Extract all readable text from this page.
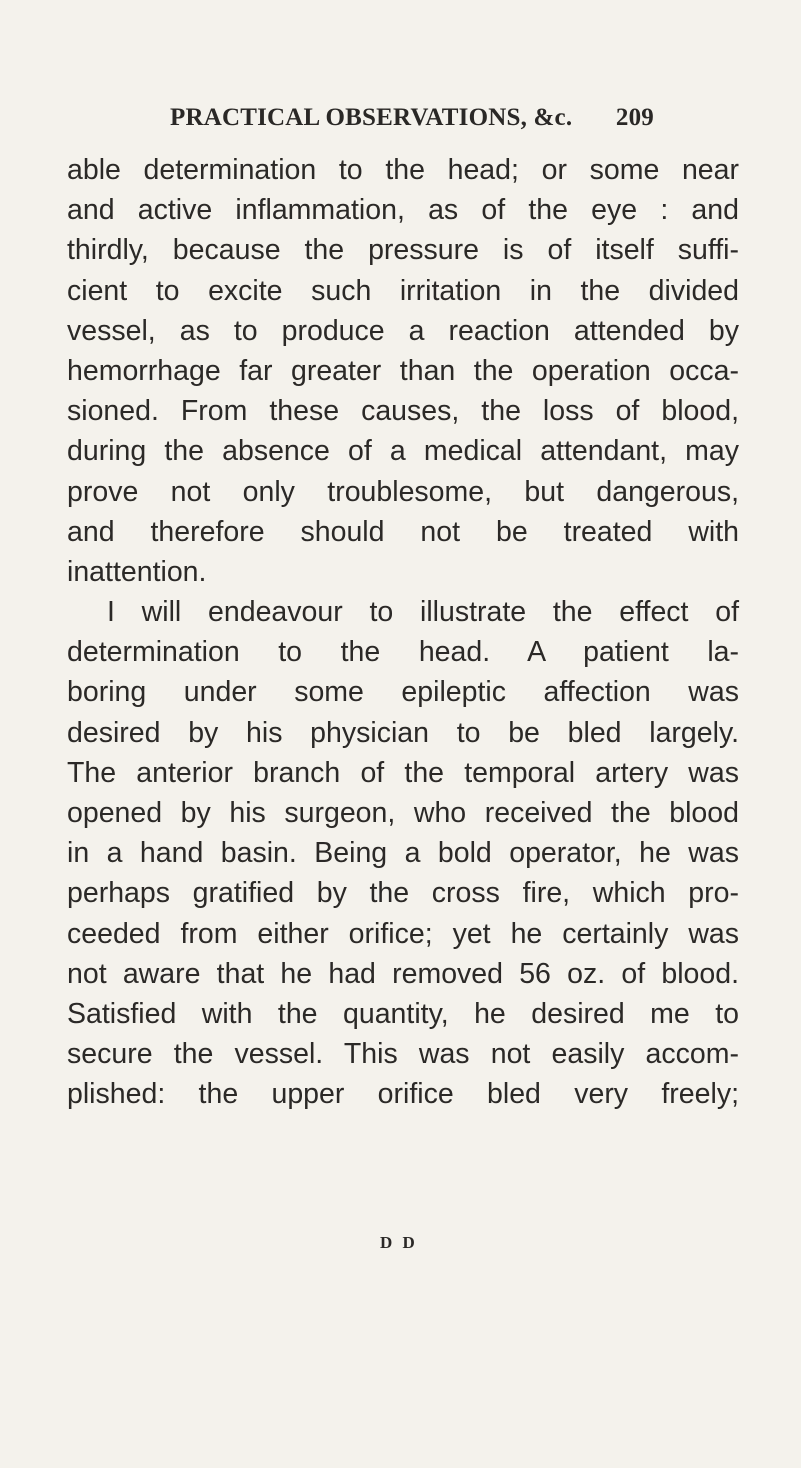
PRACTICAL OBSERVATIONS, &c. 209
able determination to the head; or some near
and active inflammation, as of the eye : and
thirdly, because the pressure is of itself suffi-
cient to excite such irritation in the divided
vessel, as to produce a reaction attended by
hemorrhage far greater than the operation occa-
sioned. From these causes, the loss of blood,
during the absence of a medical attendant, may
prove not only troublesome, but dangerous,
and therefore should not be treated with
inattention.
I will endeavour to illustrate the effect of
determination to the head. A patient la-
boring under some epileptic affection was
desired by his physician to be bled largely.
The anterior branch of the temporal artery was
opened by his surgeon, who received the blood
in a hand basin. Being a bold operator, he was
perhaps gratified by the cross fire, which pro-
ceeded from either orifice; yet he certainly was
not aware that he had removed 56 oz. of blood.
Satisfied with the quantity, he desired me to
secure the vessel. This was not easily accom-
plished: the upper orifice bled very freely;
D D
